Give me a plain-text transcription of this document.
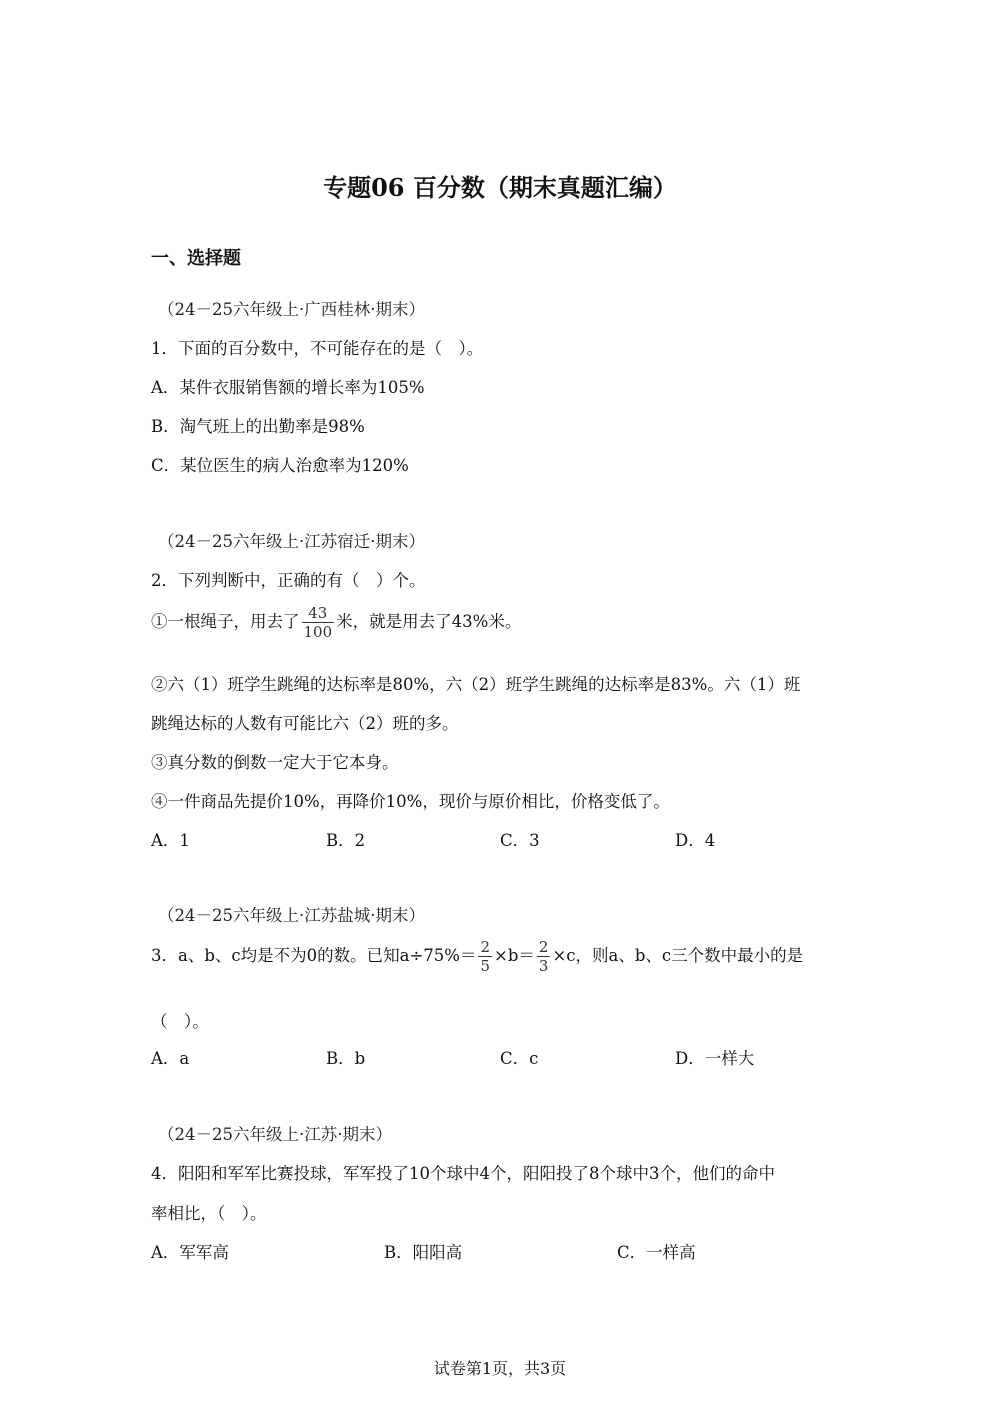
专题06 百分数（期末真题汇编）
一、选择题
（24－25六年级上·广西桂林·期末）
1．下面的百分数中，不可能存在的是（　）。
A．某件衣服销售额的增长率为105%
B．淘气班上的出勤率是98%
C．某位医生的病人治愈率为120%
（24－25六年级上·江苏宿迁·期末）
2．下列判断中，正确的有（　）个。
①一根绳子，用去了 $\frac{43}{100}$ 米，就是用去了43%米。
②六（1）班学生跳绳的达标率是80%，六（2）班学生跳绳的达标率是83%。六（1）班
跳绳达标的人数有可能比六（2）班的多。
③真分数的倒数一定大于它本身。
④一件商品先提价10%，再降价10%，现价与原价相比，价格变低了。
A．1	B．2	C．3	D．4
（24－25六年级上·江苏盐城·期末）
3．a、b、c均是不为0的数。已知$a\div 75\%= \frac{2}{5} \times b= \frac{2}{3} \times c$，则a、b、c三个数中最小的是
（　）。
A．a	B．b	C．c	D．一样大
（24－25六年级上·江苏·期末）
4．阳阳和军军比赛投球，军军投了10个球中4个，阳阳投了8个球中3个，他们的命中
率相比，（　）。
A．军军高	B．阳阳高	C．一样高
试卷第1页，共3页
